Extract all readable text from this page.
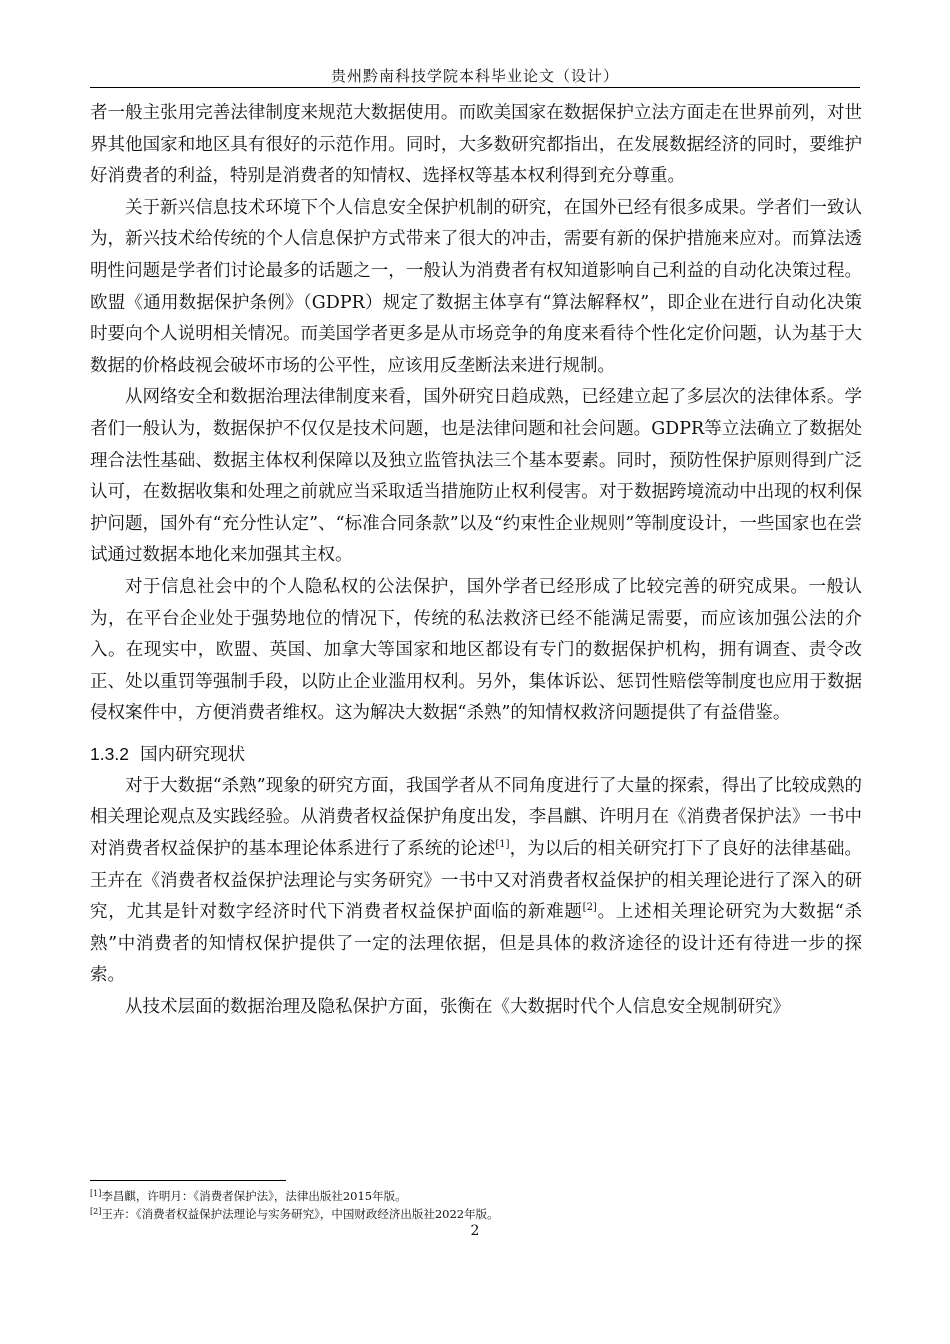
贵州黔南科技学院本科毕业论文（设计）

者一般主张用完善法律制度来规范大数据使用。而欧美国家在数据保护立法方面走在世界前列，对世界其他国家和地区具有很好的示范作用。同时，大多数研究都指出，在发展数据经济的同时，要维护好消费者的利益，特别是消费者的知情权、选择权等基本权利得到充分尊重。

关于新兴信息技术环境下个人信息安全保护机制的研究，在国外已经有很多成果。学者们一致认为，新兴技术给传统的个人信息保护方式带来了很大的冲击，需要有新的保护措施来应对。而算法透明性问题是学者们讨论最多的话题之一，一般认为消费者有权知道影响自己利益的自动化决策过程。欧盟《通用数据保护条例》（GDPR）规定了数据主体享有“算法解释权”，即企业在进行自动化决策时要向个人说明相关情况。而美国学者更多是从市场竞争的角度来看待个性化定价问题，认为基于大数据的价格歧视会破坏市场的公平性，应该用反垄断法来进行规制。

从网络安全和数据治理法律制度来看，国外研究日趋成熟，已经建立起了多层次的法律体系。学者们一般认为，数据保护不仅仅是技术问题，也是法律问题和社会问题。GDPR等立法确立了数据处理合法性基础、数据主体权利保障以及独立监管执法三个基本要素。同时，预防性保护原则得到广泛认可，在数据收集和处理之前就应当采取适当措施防止权利侵害。对于数据跨境流动中出现的权利保护问题，国外有“充分性认定”、“标准合同条款”以及“约束性企业规则”等制度设计，一些国家也在尝试通过数据本地化来加强其主权。

对于信息社会中的个人隐私权的公法保护，国外学者已经形成了比较完善的研究成果。一般认为，在平台企业处于强势地位的情况下，传统的私法救济已经不能满足需要，而应该加强公法的介入。在现实中，欧盟、英国、加拿大等国家和地区都设有专门的数据保护机构，拥有调查、责令改正、处以重罚等强制手段，以防止企业滥用权利。另外，集体诉讼、惩罚性赔偿等制度也应用于数据侵权案件中，方便消费者维权。这为解决大数据“杀熟”的知情权救济问题提供了有益借鉴。

1.3.2 国内研究现状

对于大数据“杀熟”现象的研究方面，我国学者从不同角度进行了大量的探索，得出了比较成熟的相关理论观点及实践经验。从消费者权益保护角度出发，李昌麒、许明月在《消费者保护法》一书中对消费者权益保护的基本理论体系进行了系统的论述[1]，为以后的相关研究打下了良好的法律基础。王卉在《消费者权益保护法理论与实务研究》一书中又对消费者权益保护的相关理论进行了深入的研究，尤其是针对数字经济时代下消费者权益保护面临的新难题[2]。上述相关理论研究为大数据“杀熟”中消费者的知情权保护提供了一定的法理依据，但是具体的救济途径的设计还有待进一步的探索。

从技术层面的数据治理及隐私保护方面，张衡在《大数据时代个人信息安全规制研究》

[1]李昌麒，许明月：《消费者保护法》，法律出版社2015年版。

[2]王卉：《消费者权益保护法理论与实务研究》，中国财政经济出版社2022年版。

2
